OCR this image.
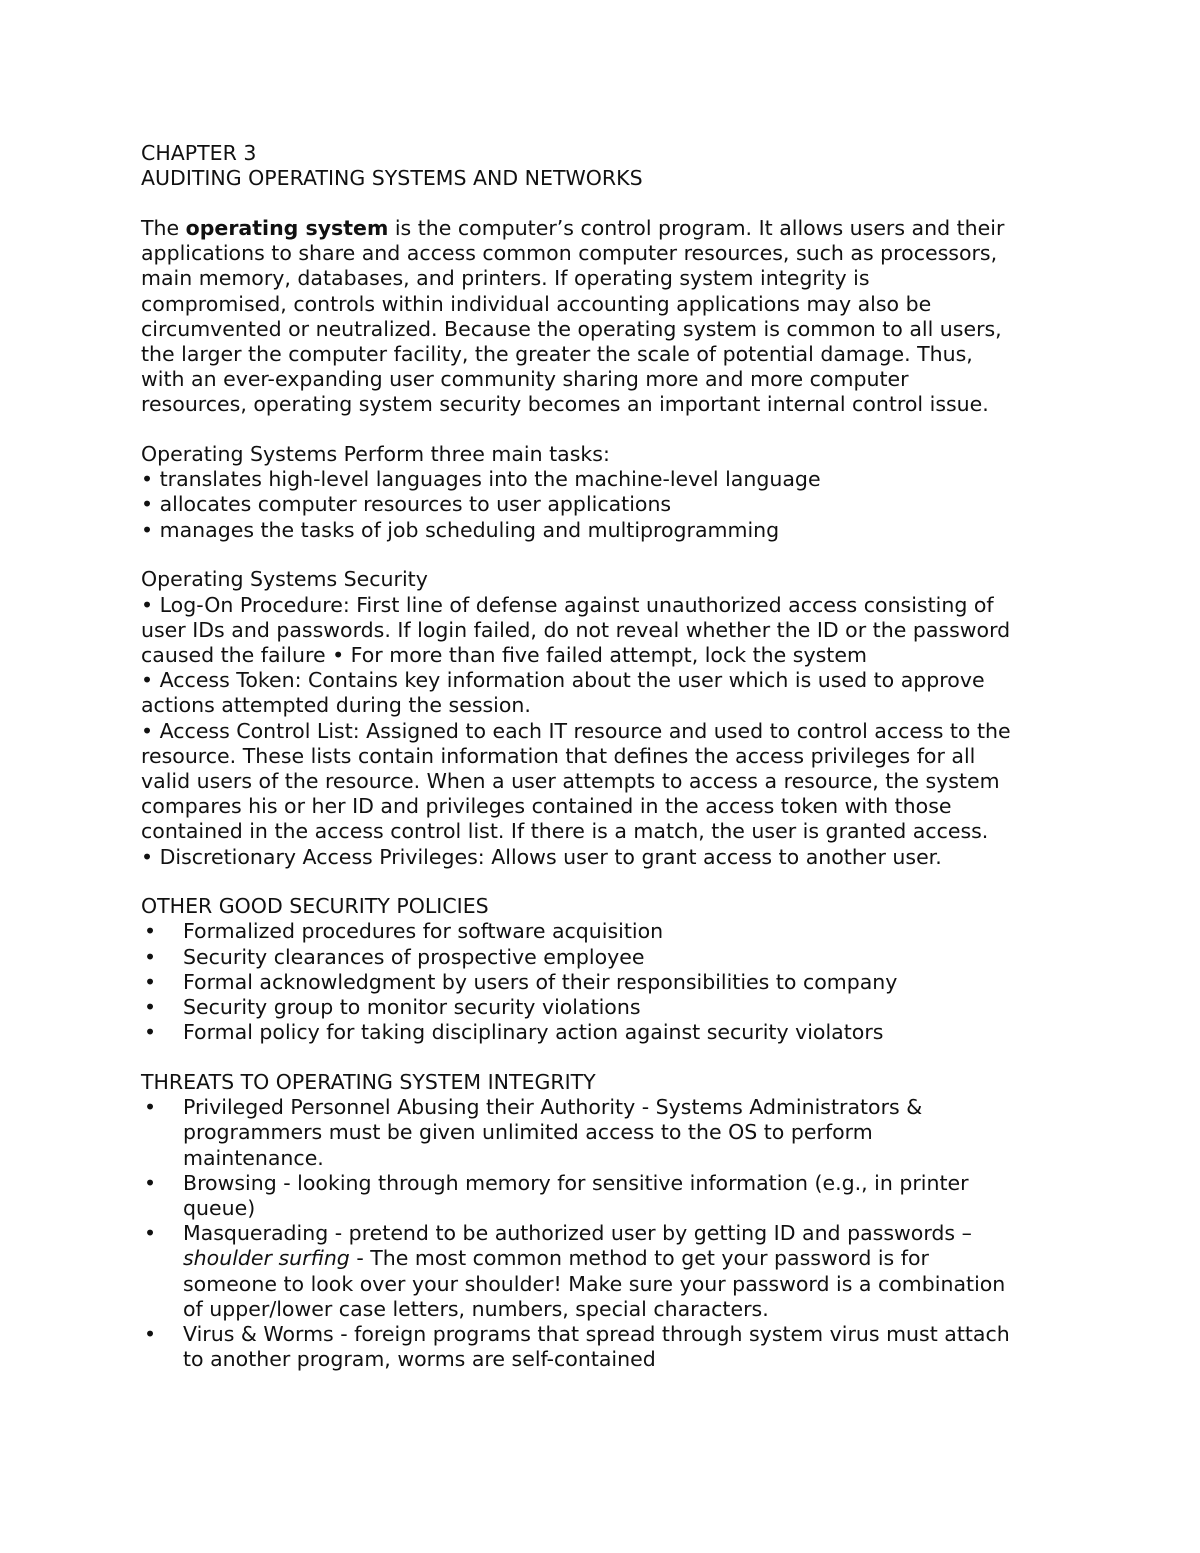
CHAPTER 3
AUDITING OPERATING SYSTEMS AND NETWORKS
The operating system is the computer’s control program. It allows users and their
applications to share and access common computer resources, such as processors,
main memory, databases, and printers. If operating system integrity is
compromised, controls within individual accounting applications may also be
circumvented or neutralized. Because the operating system is common to all users,
the larger the computer facility, the greater the scale of potential damage. Thus,
with an ever-expanding user community sharing more and more computer
resources, operating system security becomes an important internal control issue.
Operating Systems Perform three main tasks:
• translates high-level languages into the machine-level language
• allocates computer resources to user applications
• manages the tasks of job scheduling and multiprogramming
Operating Systems Security
• Log-On Procedure: First line of defense against unauthorized access consisting of
user IDs and passwords. If login failed, do not reveal whether the ID or the password
caused the failure • For more than five failed attempt, lock the system
• Access Token: Contains key information about the user which is used to approve
actions attempted during the session.
• Access Control List: Assigned to each IT resource and used to control access to the
resource. These lists contain information that defines the access privileges for all
valid users of the resource. When a user attempts to access a resource, the system
compares his or her ID and privileges contained in the access token with those
contained in the access control list. If there is a match, the user is granted access.
• Discretionary Access Privileges: Allows user to grant access to another user.
OTHER GOOD SECURITY POLICIES
• Formalized procedures for software acquisition
• Security clearances of prospective employee
• Formal acknowledgment by users of their responsibilities to company
• Security group to monitor security violations
• Formal policy for taking disciplinary action against security violators
THREATS TO OPERATING SYSTEM INTEGRITY
• Privileged Personnel Abusing their Authority - Systems Administrators &
programmers must be given unlimited access to the OS to perform
maintenance.
• Browsing - looking through memory for sensitive information (e.g., in printer
queue)
• Masquerading - pretend to be authorized user by getting ID and passwords –
shoulder surfing - The most common method to get your password is for
someone to look over your shoulder! Make sure your password is a combination
of upper/lower case letters, numbers, special characters.
• Virus & Worms - foreign programs that spread through system virus must attach
to another program, worms are self-contained
